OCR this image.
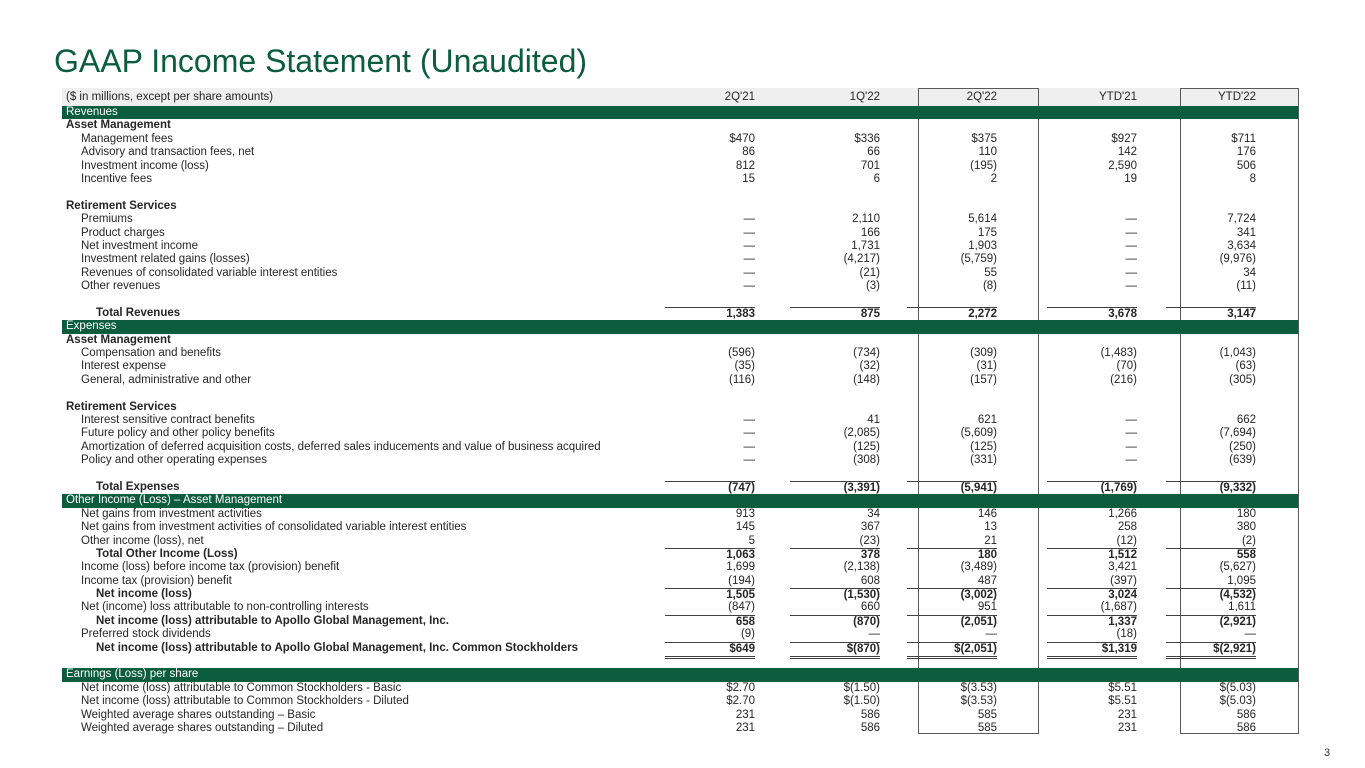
GAAP Income Statement (Unaudited)
($ in millions, except per share amounts)	2Q'21	1Q'22	2Q'22	YTD'21	YTD'22
Revenues
Asset Management
Management fees	$470	$336	$375	$927	$711
Advisory and transaction fees, net	86	66	110	142	176
Investment income (loss)	812	701	(195)	2,590	506
Incentive fees	15	6	2	19	8
Retirement Services
Premiums	—	2,110	5,614	—	7,724
Product charges	—	166	175	—	341
Net investment income	—	1,731	1,903	—	3,634
Investment related gains (losses)	—	(4,217)	(5,759)	—	(9,976)
Revenues of consolidated variable interest entities	—	(21)	55	—	34
Other revenues	—	(3)	(8)	—	(11)
Total Revenues	1,383	875	2,272	3,678	3,147
Expenses
Asset Management
Compensation and benefits	(596)	(734)	(309)	(1,483)	(1,043)
Interest expense	(35)	(32)	(31)	(70)	(63)
General, administrative and other	(116)	(148)	(157)	(216)	(305)
Retirement Services
Interest sensitive contract benefits	—	41	621	—	662
Future policy and other policy benefits	—	(2,085)	(5,609)	—	(7,694)
Amortization of deferred acquisition costs, deferred sales inducements and value of business acquired	—	(125)	(125)	—	(250)
Policy and other operating expenses	—	(308)	(331)	—	(639)
Total Expenses	(747)	(3,391)	(5,941)	(1,769)	(9,332)
Other Income (Loss) – Asset Management
Net gains from investment activities	913	34	146	1,266	180
Net gains from investment activities of consolidated variable interest entities	145	367	13	258	380
Other income (loss), net	5	(23)	21	(12)	(2)
Total Other Income (Loss)	1,063	378	180	1,512	558
Income (loss) before income tax (provision) benefit	1,699	(2,138)	(3,489)	3,421	(5,627)
Income tax (provision) benefit	(194)	608	487	(397)	1,095
Net income (loss)	1,505	(1,530)	(3,002)	3,024	(4,532)
Net (income) loss attributable to non-controlling interests	(847)	660	951	(1,687)	1,611
Net income (loss) attributable to Apollo Global Management, Inc.	658	(870)	(2,051)	1,337	(2,921)
Preferred stock dividends	(9)	—	—	(18)	—
Net income (loss) attributable to Apollo Global Management, Inc. Common Stockholders	$649	$(870)	$(2,051)	$1,319	$(2,921)
Earnings (Loss) per share
Net income (loss) attributable to Common Stockholders - Basic	$2.70	$(1.50)	$(3.53)	$5.51	$(5.03)
Net income (loss) attributable to Common Stockholders - Diluted	$2.70	$(1.50)	$(3.53)	$5.51	$(5.03)
Weighted average shares outstanding – Basic	231	586	585	231	586
Weighted average shares outstanding – Diluted	231	586	585	231	586
3
